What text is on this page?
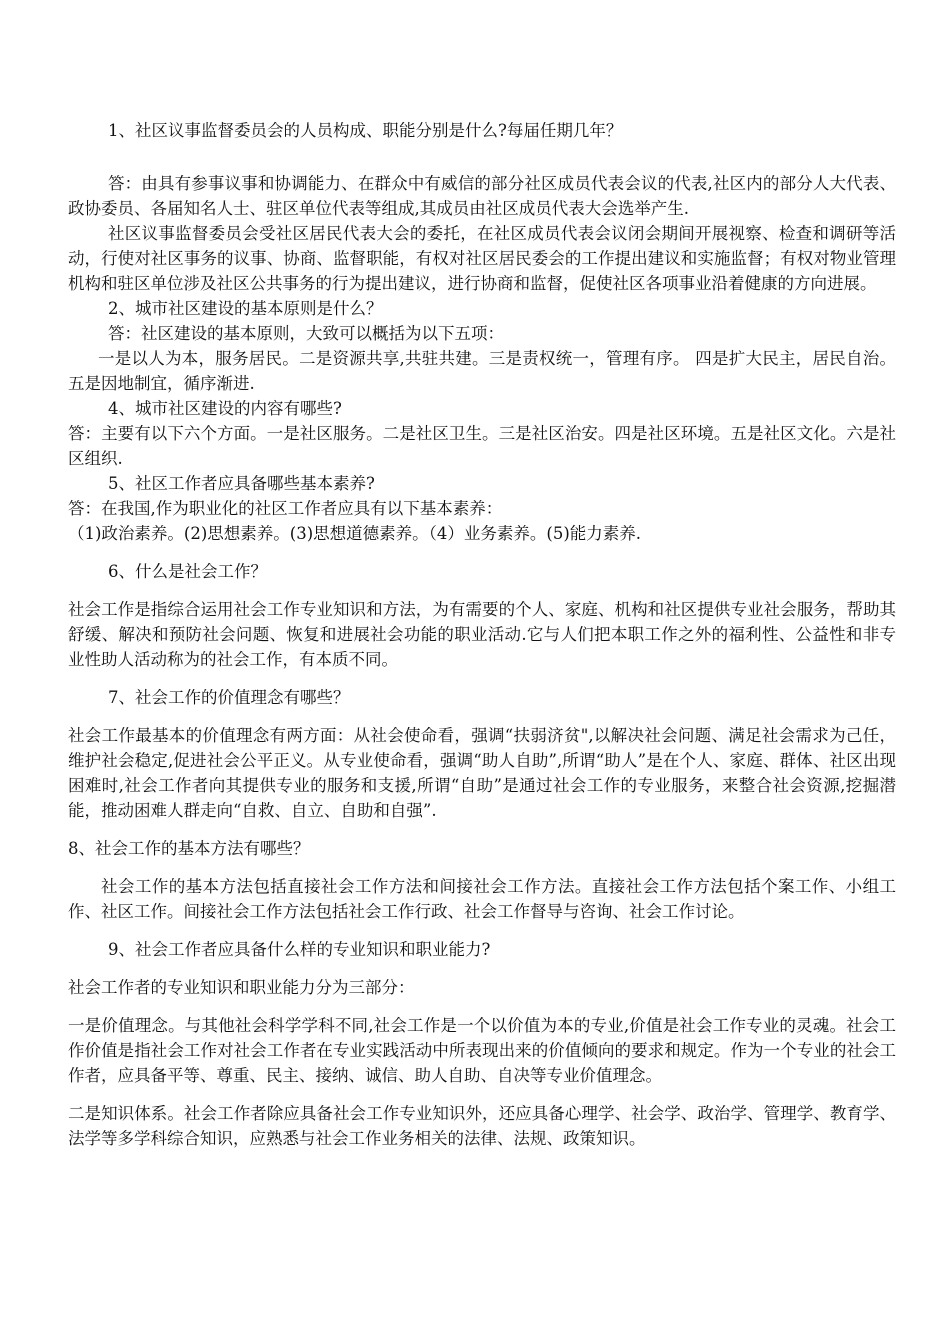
1、社区议事监督委员会的人员构成、职能分别是什么?每届任期几年？

答：由具有参事议事和协调能力、在群众中有威信的部分社区成员代表会议的代表,社区内的部分人大代表、政协委员、各届知名人士、驻区单位代表等组成,其成员由社区成员代表大会选举产生.

社区议事监督委员会受社区居民代表大会的委托，在社区成员代表会议闭会期间开展视察、检查和调研等活动，行使对社区事务的议事、协商、监督职能，有权对社区居民委会的工作提出建议和实施监督；有权对物业管理机构和驻区单位涉及社区公共事务的行为提出建议，进行协商和监督，促使社区各项事业沿着健康的方向进展。

2、城市社区建设的基本原则是什么？

答：社区建设的基本原则，大致可以概括为以下五项：

一是以人为本，服务居民。二是资源共享,共驻共建。三是责权统一，管理有序。 四是扩大民主，居民自治。五是因地制宜，循序渐进.

4、城市社区建设的内容有哪些?

答：主要有以下六个方面。一是社区服务。二是社区卫生。三是社区治安。四是社区环境。五是社区文化。六是社区组织.

5、社区工作者应具备哪些基本素养?

答：在我国,作为职业化的社区工作者应具有以下基本素养：

（1)政治素养。(2)思想素养。(3)思想道德素养。（4）业务素养。(5)能力素养.

6、什么是社会工作？

社会工作是指综合运用社会工作专业知识和方法，为有需要的个人、家庭、机构和社区提供专业社会服务，帮助其舒缓、解决和预防社会问题、恢复和进展社会功能的职业活动.它与人们把本职工作之外的福利性、公益性和非专业性助人活动称为的社会工作，有本质不同。

7、社会工作的价值理念有哪些？

社会工作最基本的价值理念有两方面：从社会使命看，强调“扶弱济贫",以解决社会问题、满足社会需求为己任，维护社会稳定,促进社会公平正义。从专业使命看，强调“助人自助”,所谓“助人”是在个人、家庭、群体、社区出现困难时,社会工作者向其提供专业的服务和支援,所谓“自助”是通过社会工作的专业服务，来整合社会资源,挖掘潜能，推动困难人群走向“自救、自立、自助和自强”.

8、社会工作的基本方法有哪些？

社会工作的基本方法包括直接社会工作方法和间接社会工作方法。直接社会工作方法包括个案工作、小组工作、社区工作。间接社会工作方法包括社会工作行政、社会工作督导与咨询、社会工作讨论。

9、社会工作者应具备什么样的专业知识和职业能力?

社会工作者的专业知识和职业能力分为三部分：

一是价值理念。与其他社会科学学科不同,社会工作是一个以价值为本的专业,价值是社会工作专业的灵魂。社会工作价值是指社会工作对社会工作者在专业实践活动中所表现出来的价值倾向的要求和规定。作为一个专业的社会工作者，应具备平等、尊重、民主、接纳、诚信、助人自助、自决等专业价值理念。

二是知识体系。社会工作者除应具备社会工作专业知识外，还应具备心理学、社会学、政治学、管理学、教育学、法学等多学科综合知识，应熟悉与社会工作业务相关的法律、法规、政策知识。
